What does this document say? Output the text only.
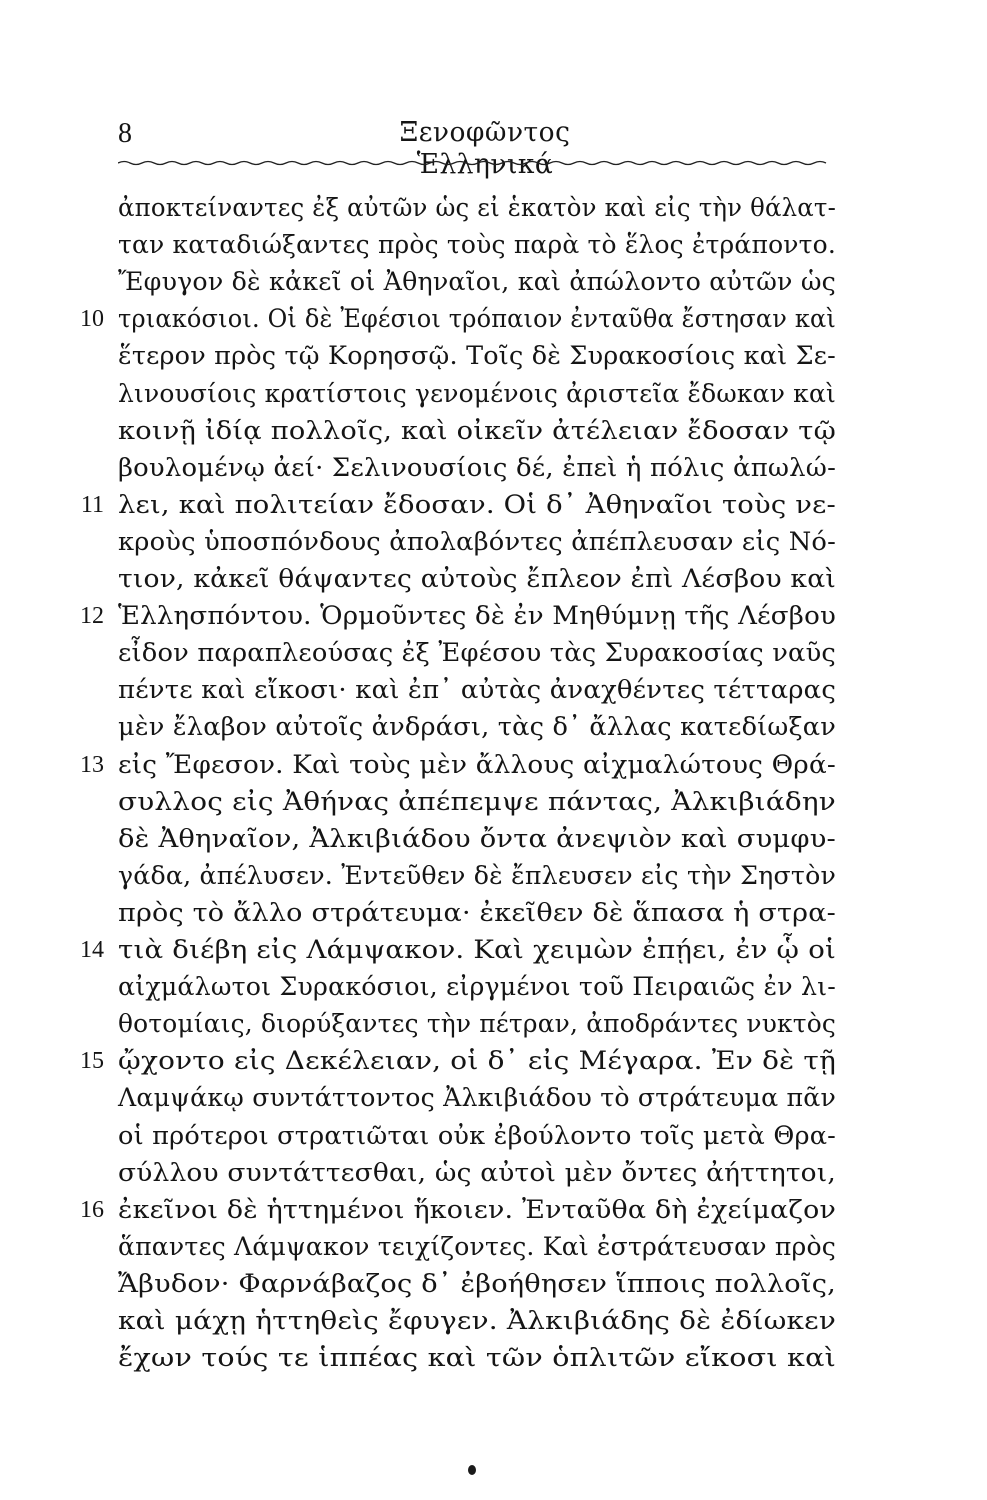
8	Ξενοφῶντος Ἑλληνικά
ἀποκτείναντες ἐξ αὐτῶν ὡς εἰ ἑκατὸν καὶ εἰς τὴν θάλατ-
ταν καταδιώξαντες πρὸς τοὺς παρὰ τὸ ἕλος ἐτράποντο.
Ἔφυγον δὲ κἀκεῖ οἱ Ἀθηναῖοι, καὶ ἀπώλοντο αὐτῶν ὡς
τριακόσιοι. Οἱ δὲ Ἐφέσιοι τρόπαιον ἐνταῦθα ἔστησαν καὶ
ἕτερον πρὸς τῷ Κορησσῷ. Τοῖς δὲ Συρακοσίοις καὶ Σε-
λινουσίοις κρατίστοις γενομένοις ἀριστεῖα ἔδωκαν καὶ
κοινῇ ἰδίᾳ πολλοῖς, καὶ οἰκεῖν ἀτέλειαν ἔδοσαν τῷ
βουλομένῳ ἀεί· Σελινουσίοις δέ, ἐπεὶ ἡ πόλις ἀπωλώ-
λει, καὶ πολιτείαν ἔδοσαν. Οἱ δ᾽ Ἀθηναῖοι τοὺς νε-
κροὺς ὑποσπόνδους ἀπολαβόντες ἀπέπλευσαν εἰς Νό-
τιον, κἀκεῖ θάψαντες αὐτοὺς ἔπλεον ἐπὶ Λέσβου καὶ
Ἑλλησπόντου. Ὁρμοῦντες δὲ ἐν Μηθύμνῃ τῆς Λέσβου
εἶδον παραπλεούσας ἐξ Ἐφέσου τὰς Συρακοσίας ναῦς
πέντε καὶ εἴκοσι· καὶ ἐπ᾽ αὐτὰς ἀναχθέντες τέτταρας
μὲν ἔλαβον αὐτοῖς ἀνδράσι, τὰς δ᾽ ἄλλας κατεδίωξαν
εἰς Ἔφεσον. Καὶ τοὺς μὲν ἄλλους αἰχμαλώτους Θρά-
συλλος εἰς Ἀθήνας ἀπέπεμψε πάντας, Ἀλκιβιάδην
δὲ Ἀθηναῖον, Ἀλκιβιάδου ὄντα ἀνεψιὸν καὶ συμφυ-
γάδα, ἀπέλυσεν. Ἐντεῦθεν δὲ ἔπλευσεν εἰς τὴν Σηστὸν
πρὸς τὸ ἄλλο στράτευμα· ἐκεῖθεν δὲ ἅπασα ἡ στρα-
τιὰ διέβη εἰς Λάμψακον. Καὶ χειμὼν ἐπῄει, ἐν ᾧ οἱ
αἰχμάλωτοι Συρακόσιοι, εἰργμένοι τοῦ Πειραιῶς ἐν λι-
θοτομίαις, διορύξαντες τὴν πέτραν, ἀποδράντες νυκτὸς
ᾤχοντο εἰς Δεκέλειαν, οἱ δ᾽ εἰς Μέγαρα. Ἐν δὲ τῇ
Λαμψάκῳ συντάττοντος Ἀλκιβιάδου τὸ στράτευμα πᾶν
οἱ πρότεροι στρατιῶται οὐκ ἐβούλοντο τοῖς μετὰ Θρα-
σύλλου συντάττεσθαι, ὡς αὐτοὶ μὲν ὄντες ἀήττητοι,
ἐκεῖνοι δὲ ἡττημένοι ἥκοιεν. Ἐνταῦθα δὴ ἐχείμαζον
ἅπαντες Λάμψακον τειχίζοντες. Καὶ ἐστράτευσαν πρὸς
Ἄβυδον· Φαρνάβαζος δ᾽ ἐβοήθησεν ἵπποις πολλοῖς,
καὶ μάχῃ ἡττηθεὶς ἔφυγεν. Ἀλκιβιάδης δὲ ἐδίωκεν
ἔχων τούς τε ἱππέας καὶ τῶν ὁπλιτῶν εἴκοσι καὶ
10
11
12
13
14
15
16
